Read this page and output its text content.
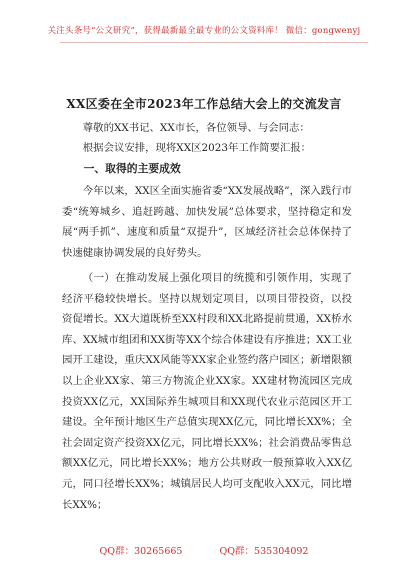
关注头条号“公文研究”，获得最新最全最专业的公文资料库！ 微信：gongwenyj
XX区委在全市2023年工作总结大会上的交流发言
尊敬的XX书记、XX市长，各位领导、与会同志：
根据会议安排，现将XX区2023年工作简要汇报：
一、取得的主要成效
今年以来，XX区全面实施省委“XX发展战略”，深入践行市委“统筹城乡、追赶跨越、加快发展”总体要求，坚持稳定和发展“两手抓”、速度和质量“双提升”，区域经济社会总体保持了快速健康协调发展的良好势头。
（一）在推动发展上强化项目的统揽和引领作用，实现了经济平稳较快增长。坚持以规划定项目，以项目带投资，以投资促增长。XX大道既桥至XX村段和XX北路提前贯通，XX桥水库、XX城市组团和XX街等XX个综合体建设有序推进；XX工业园开工建设，重庆XX风能等XX家企业签约落户园区；新增限额以上企业XX家、第三方物流企业XX家。XX建材物流园区完成投资XX亿元，XX国际养生城项目和XX现代农业示范园区开工建设。全年预计地区生产总值实现XX亿元，同比增长XX%；全社会固定资产投资XX亿元，同比增长XX%；社会消费品零售总额XX亿元，同比增长XX%；地方公共财政一般预算收入XX亿元，同口径增长XX%；城镇居民人均可支配收入XX元，同比增长XX%；
QQ群：30265665	QQ群：535304092
